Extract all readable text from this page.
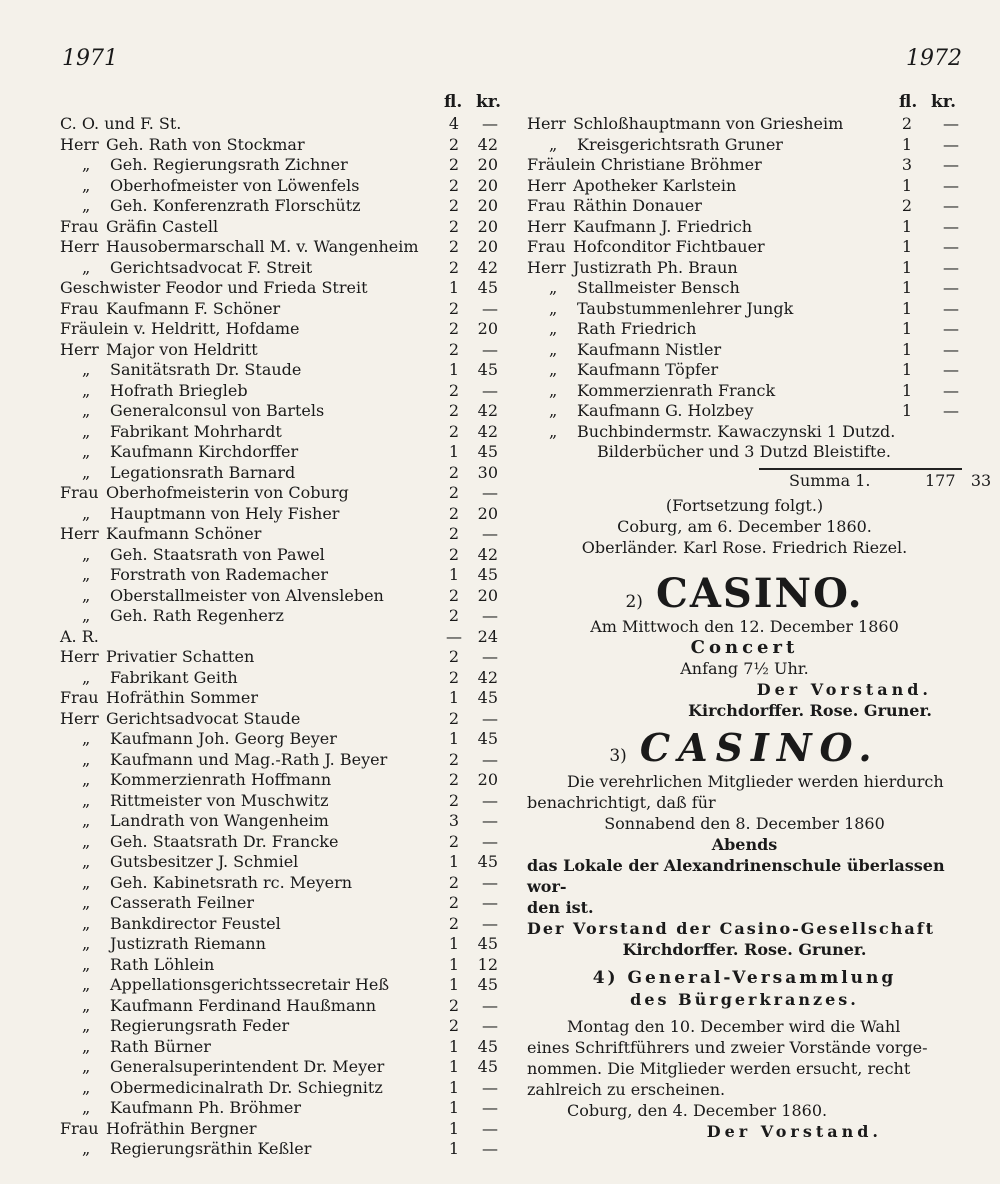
1971	1972
fl. kr.
C. O. und F. St.	4	—
Herr Geh. Rath von Stockmar	2	42
„ Geh. Regierungsrath Zichner	2	20
„ Oberhofmeister von Löwenfels	2	20
„ Geh. Konferenzrath Florschütz	2	20
Frau Gräfin Castell	2	20
Herr Hausobermarschall M. v. Wangenheim	2	20
„ Gerichtsadvocat F. Streit	2	42
Geschwister Feodor und Frieda Streit	1	45
Frau Kaufmann F. Schöner	2	—
Fräulein v. Heldritt, Hofdame	2	20
Herr Major von Heldritt	2	—
„ Sanitätsrath Dr. Staude	1	45
„ Hofrath Briegleb	2	—
„ Generalconsul von Bartels	2	42
„ Fabrikant Mohrhardt	2	42
„ Kaufmann Kirchdorffer	1	45
„ Legationsrath Barnard	2	30
Frau Oberhofmeisterin von Coburg	2	—
„ Hauptmann von Hely Fisher	2	20
Herr Kaufmann Schöner	2	—
„ Geh. Staatsrath von Pawel	2	42
„ Forstrath von Rademacher	1	45
„ Oberstallmeister von Alvensleben	2	20
„ Geh. Rath Regenherz	2	—
A. R.	— 24
Herr Privatier Schatten	2	—
„ Fabrikant Geith	2	42
Frau Hofräthin Sommer	1	45
Herr Gerichtsadvocat Staude	2	—
„ Kaufmann Joh. Georg Beyer	1	45
„ Kaufmann und Mag.-Rath J. Beyer	2	—
„ Kommerzienrath Hoffmann	2	20
„ Rittmeister von Muschwitz	2	—
„ Landrath von Wangenheim	3	—
„ Geh. Staatsrath Dr. Francke	2	—
„ Gutsbesitzer J. Schmiel	1	45
„ Geh. Kabinetsrath rc. Meyern	2	—
„ Casserath Feilner	2	—
„ Bankdirector Feustel	2	—
„ Justizrath Riemann	1	45
„ Rath Löhlein	1	12
„ Appellationsgerichtssecretair Heß	1	45
„ Kaufmann Ferdinand Haußmann	2	—
„ Regierungsrath Feder	2	—
„ Rath Bürner	1	45
„ Generalsuperintendent Dr. Meyer	1	45
„ Obermedicinalrath Dr. Schiegnitz	1	—
„ Kaufmann Ph. Bröhmer	1	—
Frau Hofräthin Bergner	1	—
„ Regierungsräthin Keßler	1	—
fl. kr.
Herr Schloßhauptmann von Griesheim	2	—
„ Kreisgerichtsrath Gruner	1	—
Fräulein Christiane Bröhmer	3	—
Herr Apotheker Karlstein	1	—
Frau Räthin Donauer	2	—
Herr Kaufmann J. Friedrich	1	—
Frau Hofconditor Fichtbauer	1	—
Herr Justizrath Ph. Braun	1	—
„ Stallmeister Bensch	1	—
„ Taubstummenlehrer Jungk	1	—
„ Rath Friedrich	1	—
„ Kaufmann Nistler	1	—
„ Kaufmann Töpfer	1	—
„ Kommerzienrath Franck	1	—
„ Kaufmann G. Holzbey	1	—
„ Buchbindermstr. Kawaczynski 1 Dutzd.
Bilderbücher und 3 Dutzd Bleistifte.
Summa 1.	177 33
(Fortsetzung folgt.)
Coburg, am 6. December 1860.
Oberländer. Karl Rose. Friedrich Riezel.
2) CASINO.
Am Mittwoch den 12. December 1860
Concert
Anfang 7½ Uhr.
Der Vorstand.
Kirchdorffer. Rose. Gruner.
3) CASINO.
Die verehrlichen Mitglieder werden hierdurch
benachrichtigt, daß für
Sonnabend den 8. December 1860
Abends
das Lokale der Alexandrinenschule überlassen wor-
den ist.
Der Vorstand der Casino-Gesellschaft
Kirchdorffer. Rose. Gruner.
4) General-Versammlung
des Bürgerkranzes.
Montag den 10. December wird die Wahl
eines Schriftführers und zweier Vorstände vorge-
nommen. Die Mitglieder werden ersucht, recht
zahlreich zu erscheinen.
Coburg, den 4. December 1860.
Der Vorstand.
